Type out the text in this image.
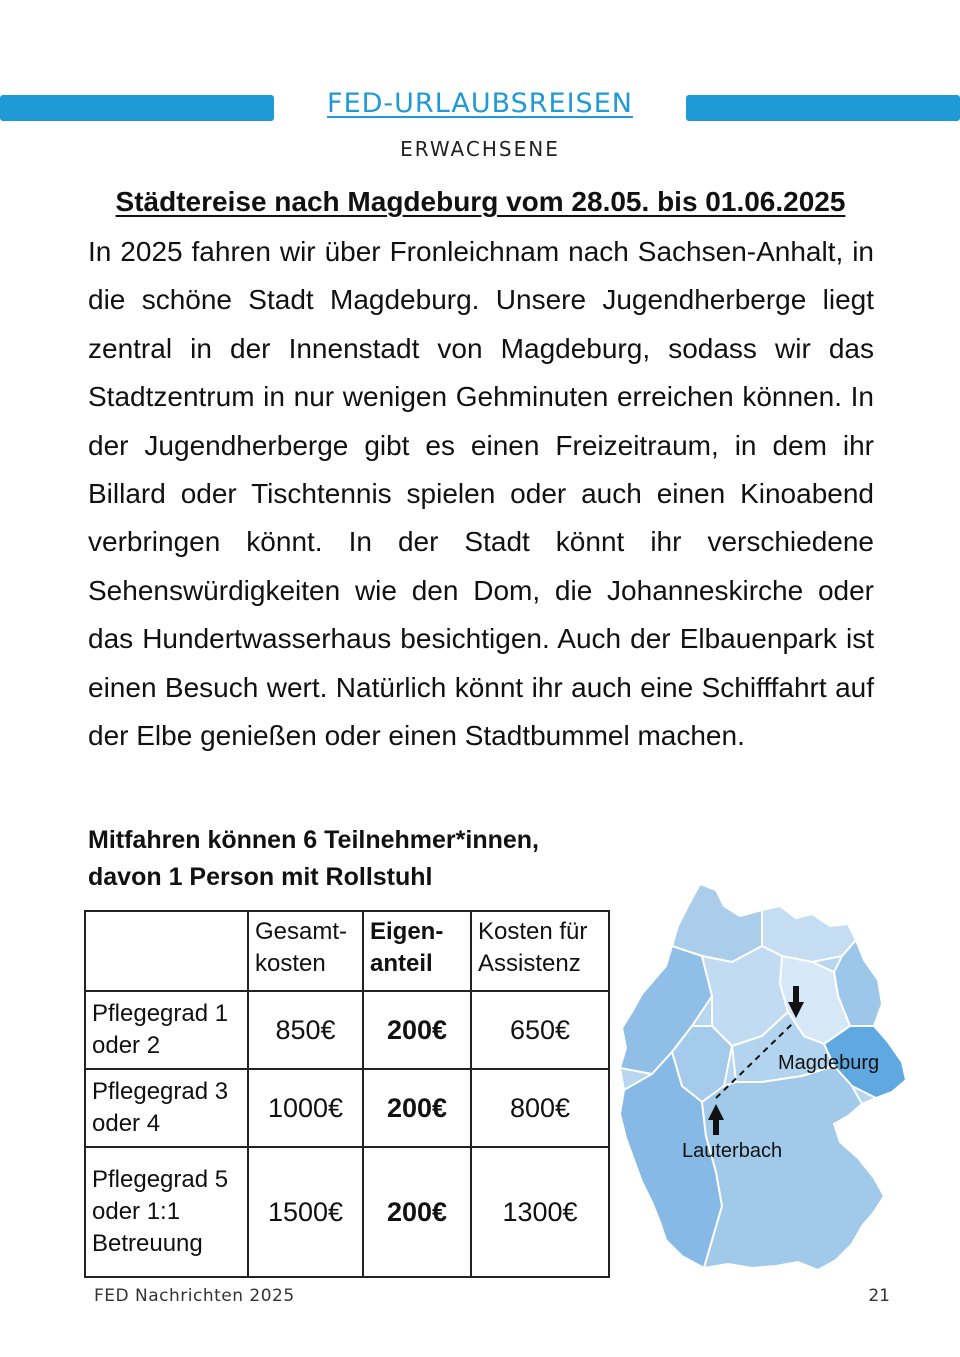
FED-URLAUBSREISEN
ERWACHSENE
Städtereise nach Magdeburg vom 28.05. bis 01.06.2025

In 2025 fahren wir über Fronleichnam nach Sachsen-Anhalt, in die schöne Stadt Magdeburg. Unsere Jugendherberge liegt zentral in der Innenstadt von Magdeburg, sodass wir das Stadtzentrum in nur wenigen Gehminuten erreichen können. In der Jugendherberge gibt es einen Freizeitraum, in dem ihr Billard oder Tischtennis spielen oder auch einen Kinoabend verbringen könnt. In der Stadt könnt ihr verschiedene Sehenswürdigkeiten wie den Dom, die Johanneskirche oder das Hundertwasserhaus besichtigen. Auch der Elbauenpark ist einen Besuch wert. Natürlich könnt ihr auch eine Schifffahrt auf der Elbe genießen oder einen Stadtbummel machen.

Mitfahren können 6 Teilnehmer*innen,
davon 1 Person mit Rollstuhl
	Gesamt-kosten	Eigen-anteil	Kosten für Assistenz
Pflegegrad 1 oder 2	850€	200€	650€
Pflegegrad 3 oder 4	1000€	200€	800€
Pflegegrad 5 oder 1:1 Betreuung	1500€	200€	1300€
Magdeburg
Lauterbach
FED Nachrichten 2025	21
